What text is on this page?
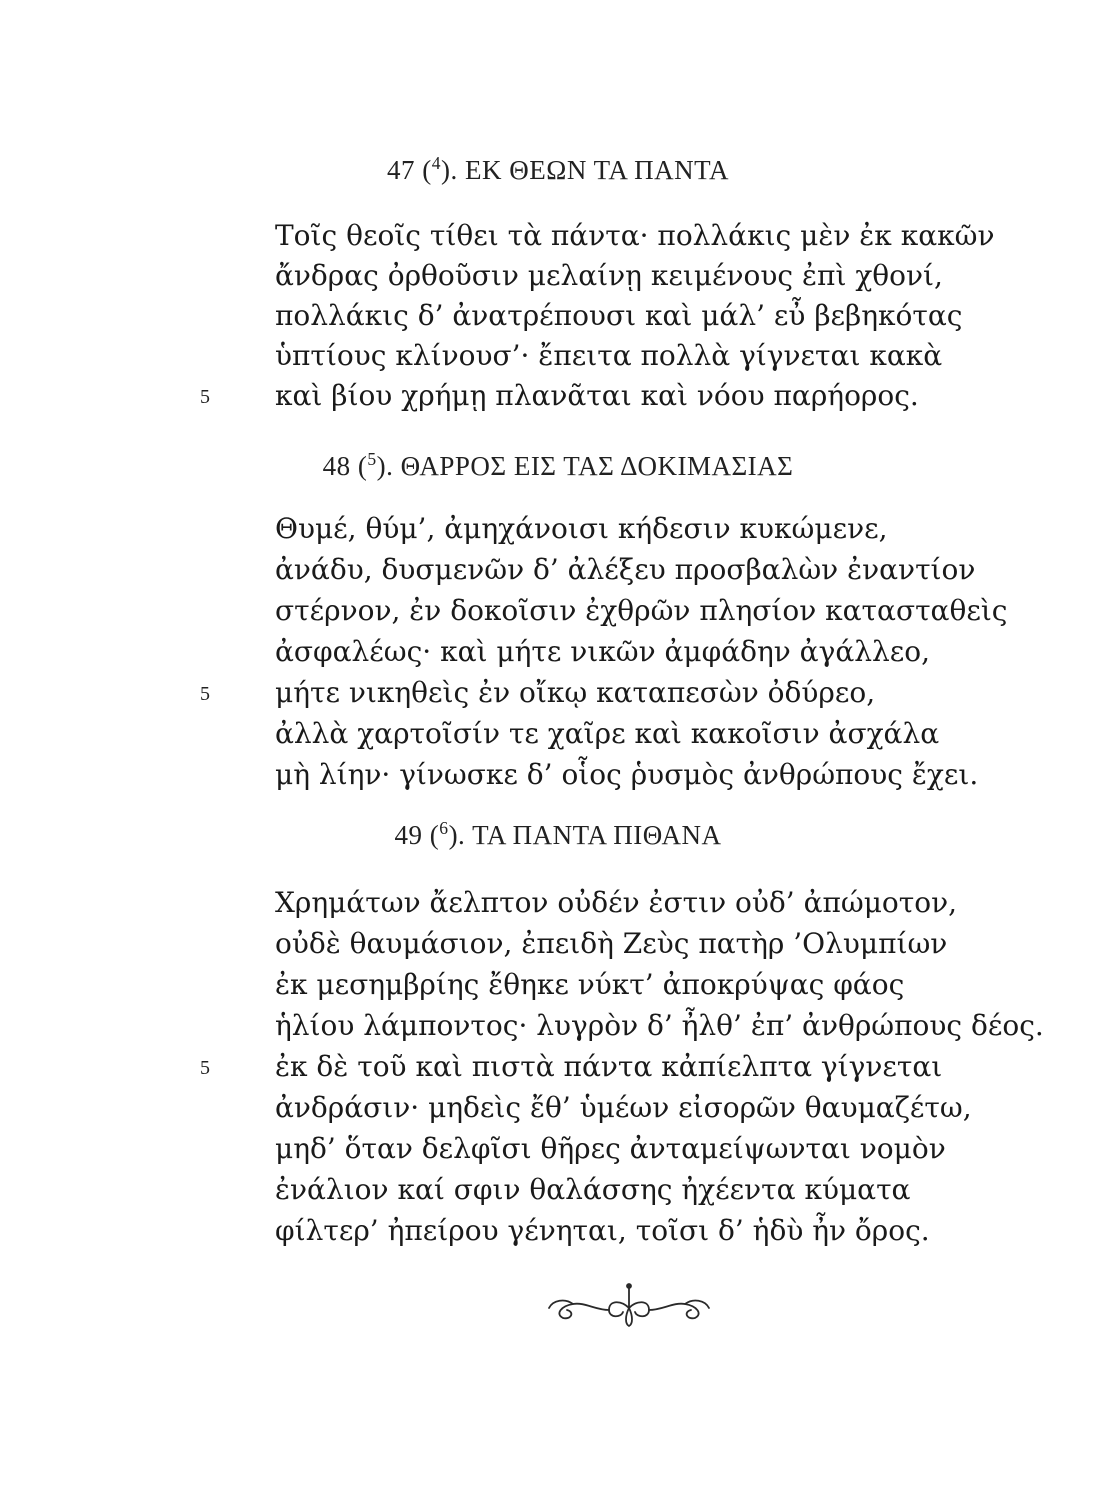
47 ($^4$). ΕΚ ΘΕΩΝ ΤΑ ΠΑΝΤΑ
Τοῖς θεοῖς τίθει τὰ πάντα· πολλάκις μὲν ἐκ κακῶν
ἄνδρας ὀρθοῦσιν μελαίνῃ κειμένους ἐπὶ χθονί,
πολλάκις δ’ ἀνατρέπουσι καὶ μάλ’ εὖ βεβηκότας
ὑπτίους κλίνουσ’· ἔπειτα πολλὰ γίγνεται κακὰ
καὶ βίου χρήμῃ πλανᾶται καὶ νόου παρήορος.
5
48 ($^5$). ΘΑΡΡΟΣ ΕΙΣ ΤΑΣ ΔΟΚΙΜΑΣΙΑΣ
Θυμέ, θύμ’, ἀμηχάνοισι κήδεσιν κυκώμενε,
ἀνάδυ, δυσμενῶν δ’ ἀλέξευ προσβαλὼν ἐναντίον
στέρνον, ἐν δοκοῖσιν ἐχθρῶν πλησίον κατασταθεὶς
ἀσφαλέως· καὶ μήτε νικῶν ἀμφάδην ἀγάλλεο,
μήτε νικηθεὶς ἐν οἴκῳ καταπεσὼν ὀδύρεο,
5
ἀλλὰ χαρτοῖσίν τε χαῖρε καὶ κακοῖσιν ἀσχάλα
μὴ λίην· γίνωσκε δ’ οἷος ῥυσμὸς ἀνθρώπους ἔχει.
49 ($^6$). ΤΑ ΠΑΝΤΑ ΠΙΘΑΝΑ
Χρημάτων ἄελπτον οὐδέν ἐστιν οὐδ’ ἀπώμοτον,
οὐδὲ θαυμάσιον, ἐπειδὴ Ζεὺς πατὴρ ’Ολυμπίων
ἐκ μεσημβρίης ἔθηκε νύκτ’ ἀποκρύψας φάος
ἡλίου λάμποντος· λυγρὸν δ’ ἦλθ’ ἐπ’ ἀνθρώπους δέος.
ἐκ δὲ τοῦ καὶ πιστὰ πάντα κἀπίελπτα γίγνεται
5
ἀνδράσιν· μηδεὶς ἔθ’ ὑμέων εἰσορῶν θαυμαζέτω,
μηδ’ ὅταν δελφῖσι θῆρες ἀνταμείψωνται νομὸν
ἐνάλιον καί σφιν θαλάσσης ἠχέεντα κύματα
φίλτερ’ ἠπείρου γένηται, τοῖσι δ’ ἡδὺ ἦν ὄρος.
